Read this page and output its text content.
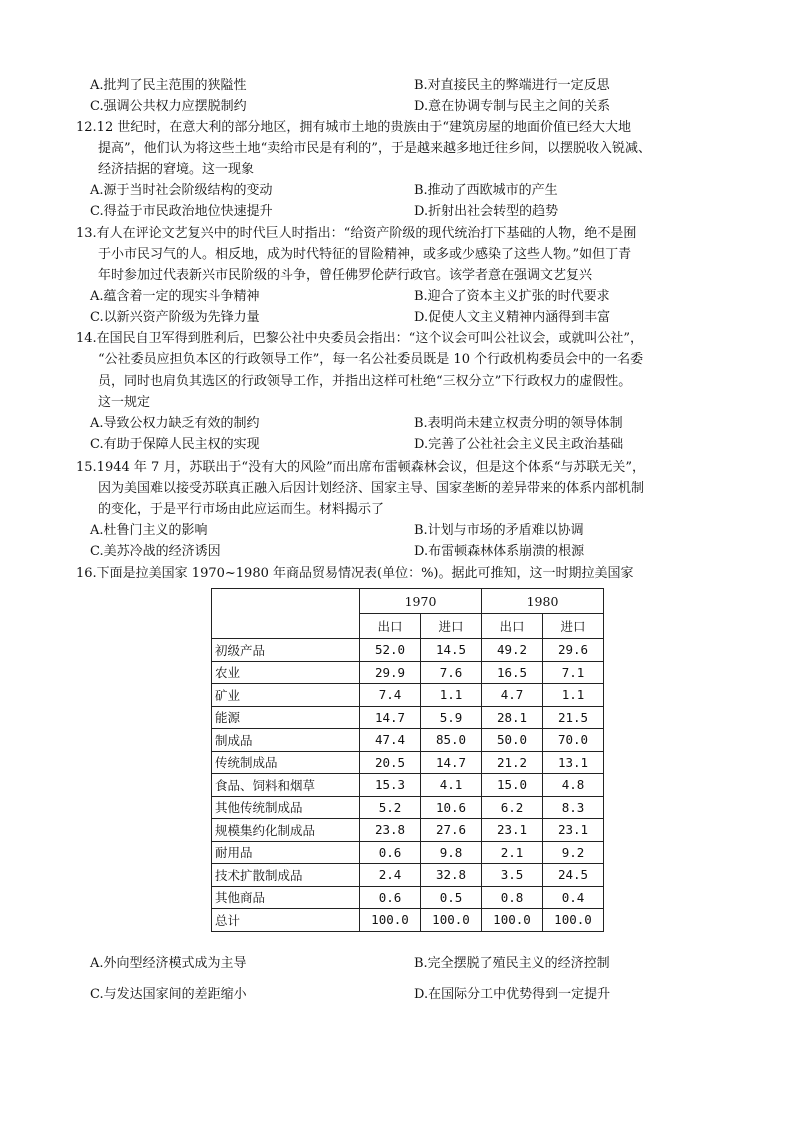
A.批判了民主范围的狭隘性	B.对直接民主的弊端进行一定反思
C.强调公共权力应摆脱制约	D.意在协调专制与民主之间的关系
12.12 世纪时，在意大利的部分地区，拥有城市土地的贵族由于“建筑房屋的地面价值已经大大地
提高”，他们认为将这些土地“卖给市民是有利的”，于是越来越多地迁往乡间，以摆脱收入锐减、
经济拮据的窘境。这一现象
A.源于当时社会阶级结构的变动	B.推动了西欧城市的产生
C.得益于市民政治地位快速提升	D.折射出社会转型的趋势
13.有人在评论文艺复兴中的时代巨人时指出：“给资产阶级的现代统治打下基础的人物，绝不是囿
于小市民习气的人。相反地，成为时代特征的冒险精神，或多或少感染了这些人物。”如但丁青
年时参加过代表新兴市民阶级的斗争，曾任佛罗伦萨行政官。该学者意在强调文艺复兴
A.蕴含着一定的现实斗争精神	B.迎合了资本主义扩张的时代要求
C.以新兴资产阶级为先锋力量	D.促使人文主义精神内涵得到丰富
14.在国民自卫军得到胜利后，巴黎公社中央委员会指出：“这个议会可叫公社议会，或就叫公社”，
“公社委员应担负本区的行政领导工作”，每一名公社委员既是 10 个行政机构委员会中的一名委
员，同时也肩负其选区的行政领导工作，并指出这样可杜绝“三权分立”下行政权力的虚假性。
这一规定
A.导致公权力缺乏有效的制约	B.表明尚未建立权责分明的领导体制
C.有助于保障人民主权的实现	D.完善了公社社会主义民主政治基础
15.1944 年 7 月，苏联出于“没有大的风险”而出席布雷顿森林会议，但是这个体系“与苏联无关”，
因为美国难以接受苏联真正融入后因计划经济、国家主导、国家垄断的差异带来的体系内部机制
的变化，于是平行市场由此应运而生。材料揭示了
A.杜鲁门主义的影响	B.计划与市场的矛盾难以协调
C.美苏冷战的经济诱因	D.布雷顿森林体系崩溃的根源
16.下面是拉美国家 1970~1980 年商品贸易情况表(单位：%)。据此可推知，这一时期拉美国家
	1970		1980	
	出口	进口	出口	进口
初级产品	52.0	14.5	49.2	29.6
农业	29.9	7.6	16.5	7.1
矿业	7.4	1.1	4.7	1.1
能源	14.7	5.9	28.1	21.5
制成品	47.4	85.0	50.0	70.0
传统制成品	20.5	14.7	21.2	13.1
食品、饲料和烟草	15.3	4.1	15.0	4.8
其他传统制成品	5.2	10.6	6.2	8.3
规模集约化制成品	23.8	27.6	23.1	23.1
耐用品	0.6	9.8	2.1	9.2
技术扩散制成品	2.4	32.8	3.5	24.5
其他商品	0.6	0.5	0.8	0.4
总计	100.0	100.0	100.0	100.0
A.外向型经济模式成为主导	B.完全摆脱了殖民主义的经济控制
C.与发达国家间的差距缩小	D.在国际分工中优势得到一定提升
